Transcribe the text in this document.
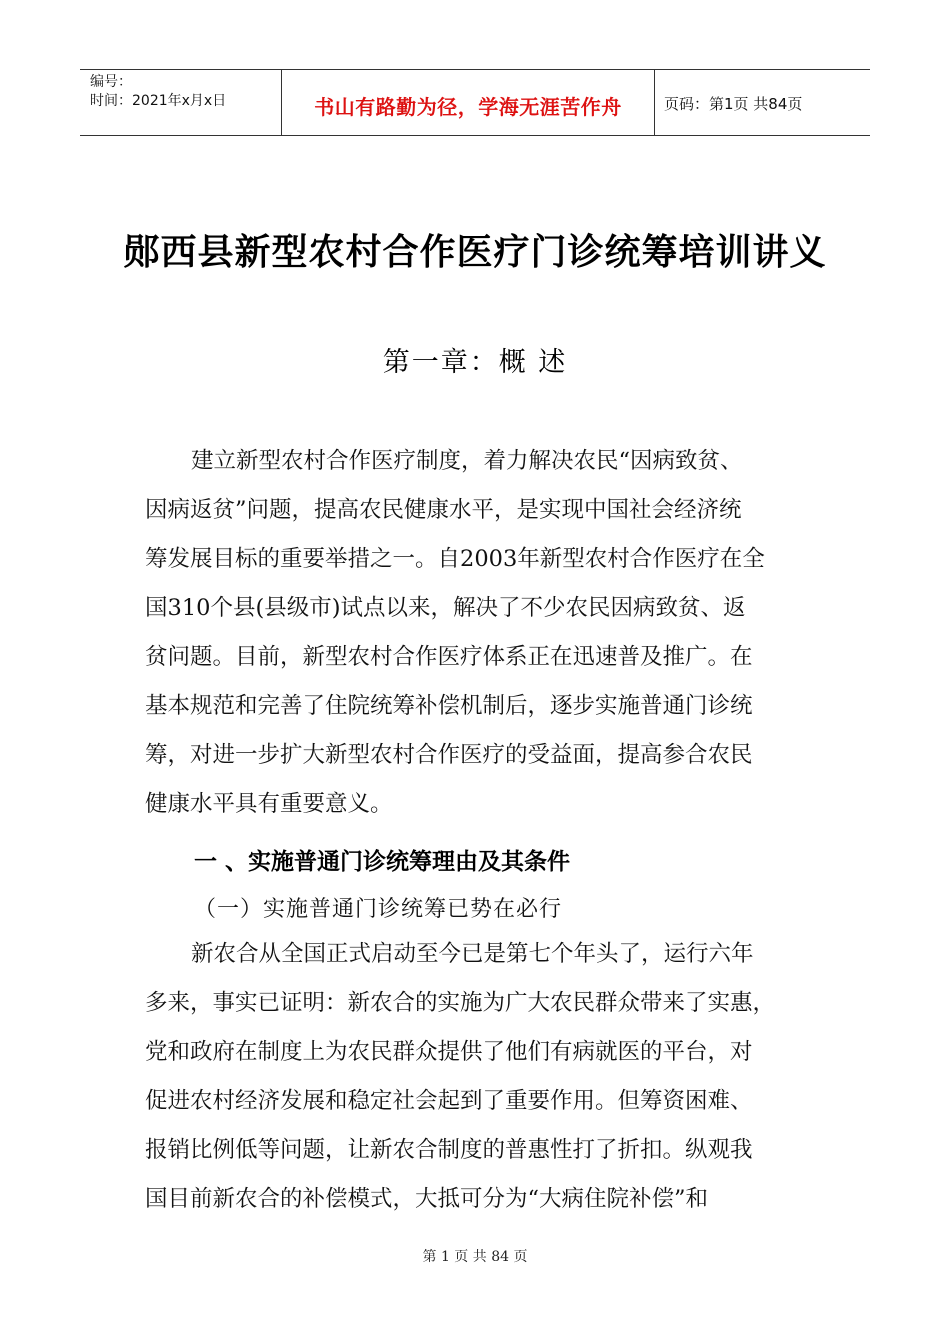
编号：
时间：2021年x月x日	书山有路勤为径，学海无涯苦作舟	页码：第1页 共84页
郧西县新型农村合作医疗门诊统筹培训讲义
第一章：概 述
建立新型农村合作医疗制度，着力解决农民“因病致贫、
因病返贫”问题，提高农民健康水平，是实现中国社会经济统
筹发展目标的重要举措之一。自2003年新型农村合作医疗在全
国310个县(县级市)试点以来，解决了不少农民因病致贫、返
贫问题。目前，新型农村合作医疗体系正在迅速普及推广。在
基本规范和完善了住院统筹补偿机制后，逐步实施普通门诊统
筹，对进一步扩大新型农村合作医疗的受益面，提高参合农民
健康水平具有重要意义。
一 、实施普通门诊统筹理由及其条件
（一）实施普通门诊统筹已势在必行
新农合从全国正式启动至今已是第七个年头了，运行六年
多来，事实已证明：新农合的实施为广大农民群众带来了实惠，
党和政府在制度上为农民群众提供了他们有病就医的平台，对
促进农村经济发展和稳定社会起到了重要作用。但筹资困难、
报销比例低等问题，让新农合制度的普惠性打了折扣。纵观我
国目前新农合的补偿模式，大抵可分为“大病住院补偿”和
第 1 页 共 84 页
